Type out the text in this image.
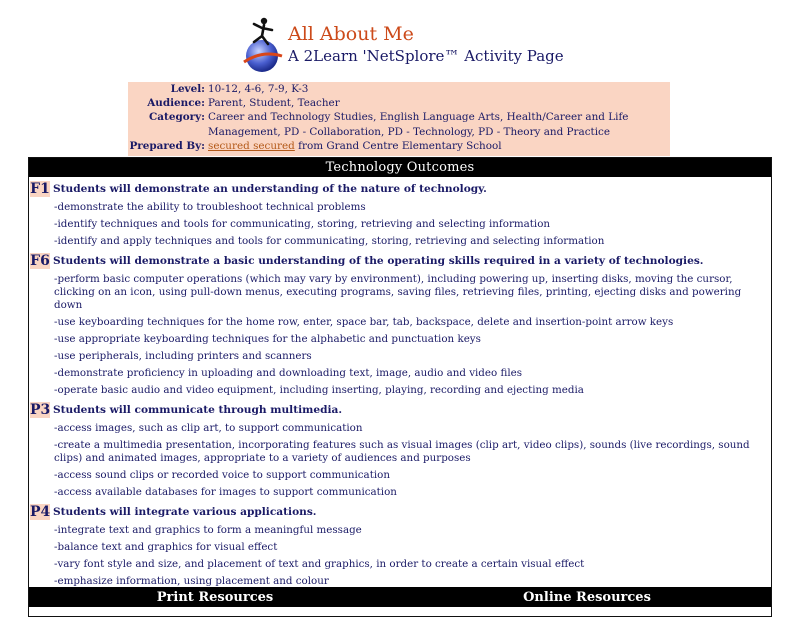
All About Me
A 2Learn 'NetSplore™ Activity Page
Level: 10-12, 4-6, 7-9, K-3
Audience: Parent, Student, Teacher
Category: Career and Technology Studies, English Language Arts, Health/Career and Life Management, PD - Collaboration, PD - Technology, PD - Theory and Practice
Prepared By: secured secured from Grand Centre Elementary School
Technology Outcomes
F1 Students will demonstrate an understanding of the nature of technology.
-demonstrate the ability to troubleshoot technical problems
-identify techniques and tools for communicating, storing, retrieving and selecting information
-identify and apply techniques and tools for communicating, storing, retrieving and selecting information
F6 Students will demonstrate a basic understanding of the operating skills required in a variety of technologies.
-perform basic computer operations (which may vary by environment), including powering up, inserting disks, moving the cursor, clicking on an icon, using pull-down menus, executing programs, saving files, retrieving files, printing, ejecting disks and powering down
-use keyboarding techniques for the home row, enter, space bar, tab, backspace, delete and insertion-point arrow keys
-use appropriate keyboarding techniques for the alphabetic and punctuation keys
-use peripherals, including printers and scanners
-demonstrate proficiency in uploading and downloading text, image, audio and video files
-operate basic audio and video equipment, including inserting, playing, recording and ejecting media
P3 Students will communicate through multimedia.
-access images, such as clip art, to support communication
-create a multimedia presentation, incorporating features such as visual images (clip art, video clips), sounds (live recordings, sound clips) and animated images, appropriate to a variety of audiences and purposes
-access sound clips or recorded voice to support communication
-access available databases for images to support communication
P4 Students will integrate various applications.
-integrate text and graphics to form a meaningful message
-balance text and graphics for visual effect
-vary font style and size, and placement of text and graphics, in order to create a certain visual effect
-emphasize information, using placement and colour
Print Resources	Online Resources
